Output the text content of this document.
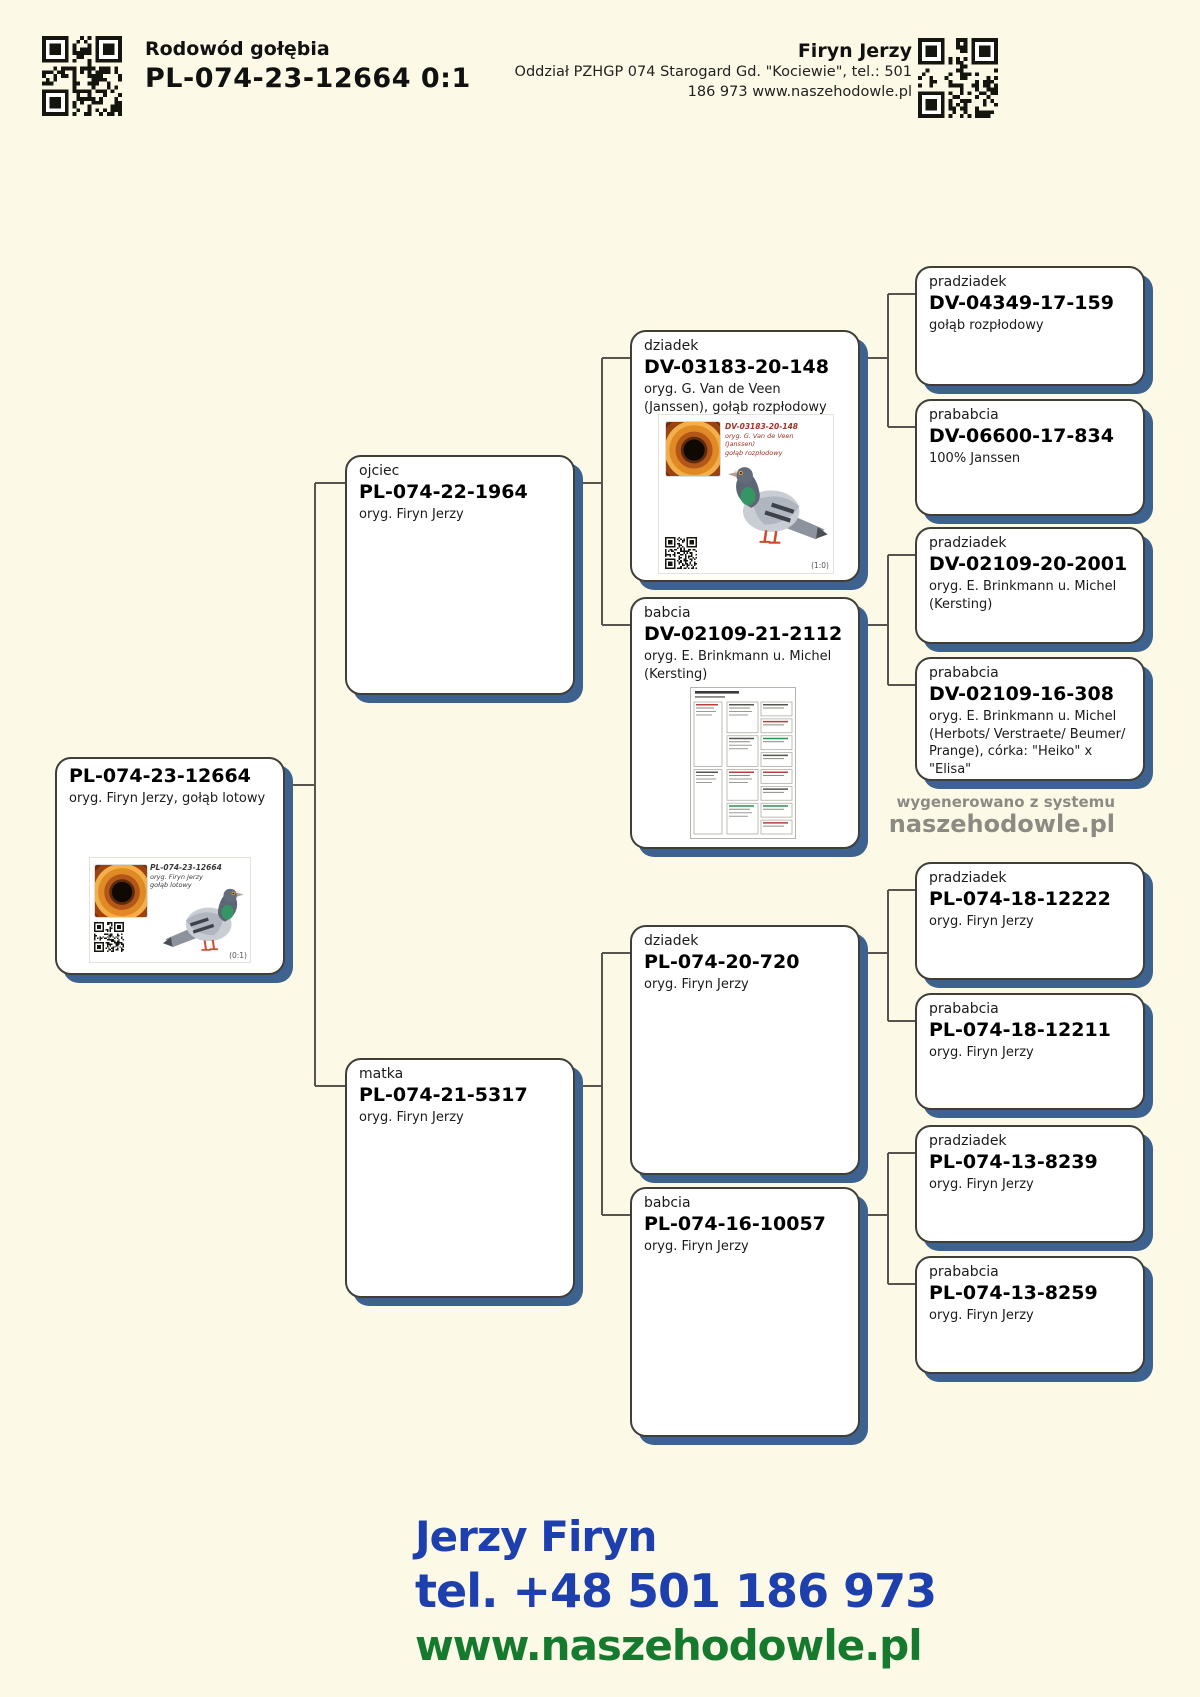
Rodowód gołębia
PL-074-23-12664 0:1
Firyn Jerzy
Oddział PZHGP 074 Starogard Gd. "Kociewie", tel.: 501
186 973 www.naszehodowle.pl
PL-074-23-12664
oryg. Firyn Jerzy, gołąb lotowy
PL-074-23-12664
oryg. Firyn Jerzy
gołąb lotowy
(0:1)
ojciec
PL-074-22-1964
oryg. Firyn Jerzy
matka
PL-074-21-5317
oryg. Firyn Jerzy
dziadek
DV-03183-20-148
oryg. G. Van de Veen (Janssen), gołąb rozpłodowy
DV-03183-20-148
oryg. G. Van de Veen
(Janssen)
gołąb rozpłodowy
(1:0)
babcia
DV-02109-21-2112
oryg. E. Brinkmann u. Michel (Kersting)
dziadek
PL-074-20-720
oryg. Firyn Jerzy
babcia
PL-074-16-10057
oryg. Firyn Jerzy
pradziadek
DV-04349-17-159
gołąb rozpłodowy
prababcia
DV-06600-17-834
100% Janssen
pradziadek
DV-02109-20-2001
oryg. E. Brinkmann u. Michel (Kersting)
prababcia
DV-02109-16-308
oryg. E. Brinkmann u. Michel (Herbots/ Verstraete/ Beumer/ Prange), córka: "Heiko" x "Elisa"
pradziadek
PL-074-18-12222
oryg. Firyn Jerzy
prababcia
PL-074-18-12211
oryg. Firyn Jerzy
pradziadek
PL-074-13-8239
oryg. Firyn Jerzy
prababcia
PL-074-13-8259
oryg. Firyn Jerzy
wygenerowano z systemu
naszehodowle.pl
Jerzy Firyn
tel. +48 501 186 973
www.naszehodowle.pl
